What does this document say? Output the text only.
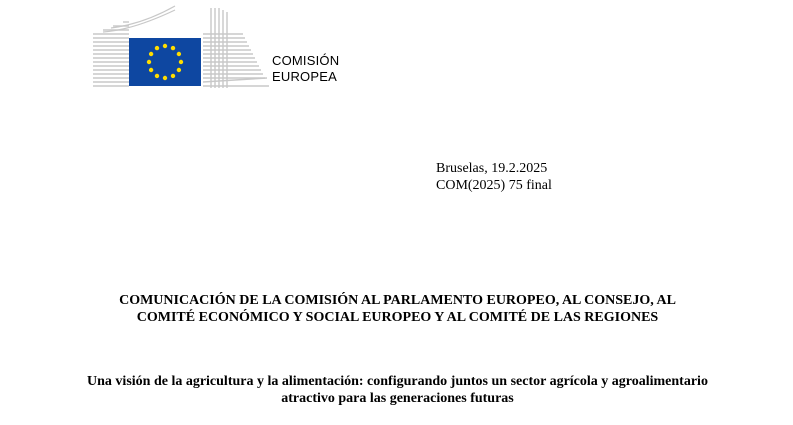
COMISIÓN
EUROPEA
Bruselas, 19.2.2025
COM(2025) 75 final
COMUNICACIÓN DE LA COMISIÓN AL PARLAMENTO EUROPEO, AL CONSEJO, AL COMITÉ ECONÓMICO Y SOCIAL EUROPEO Y AL COMITÉ DE LAS REGIONES
Una visión de la agricultura y la alimentación: configurando juntos un sector agrícola y agroalimentario atractivo para las generaciones futuras
